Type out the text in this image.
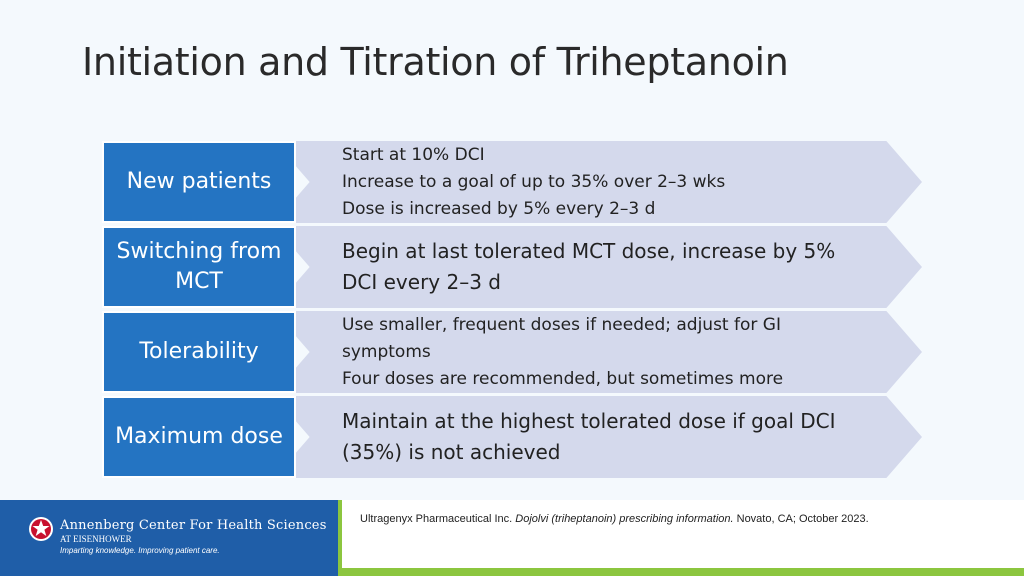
Initiation and Titration of Triheptanoin
New patients
Start at 10% DCI
Increase to a goal of up to 35% over 2–3 wks
Dose is increased by 5% every 2–3 d
Switching from
MCT
Begin at last tolerated MCT dose, increase by 5%
DCI every 2–3 d
Tolerability
Use smaller, frequent doses if needed; adjust for GI
symptoms
Four doses are recommended, but sometimes more
Maximum dose
Maintain at the highest tolerated dose if goal DCI
(35%) is not achieved
Annenberg Center For Health Sciences
AT EISENHOWER
Imparting knowledge. Improving patient care.
Ultragenyx Pharmaceutical Inc. Dojolvi (triheptanoin) prescribing information. Novato, CA; October 2023.
